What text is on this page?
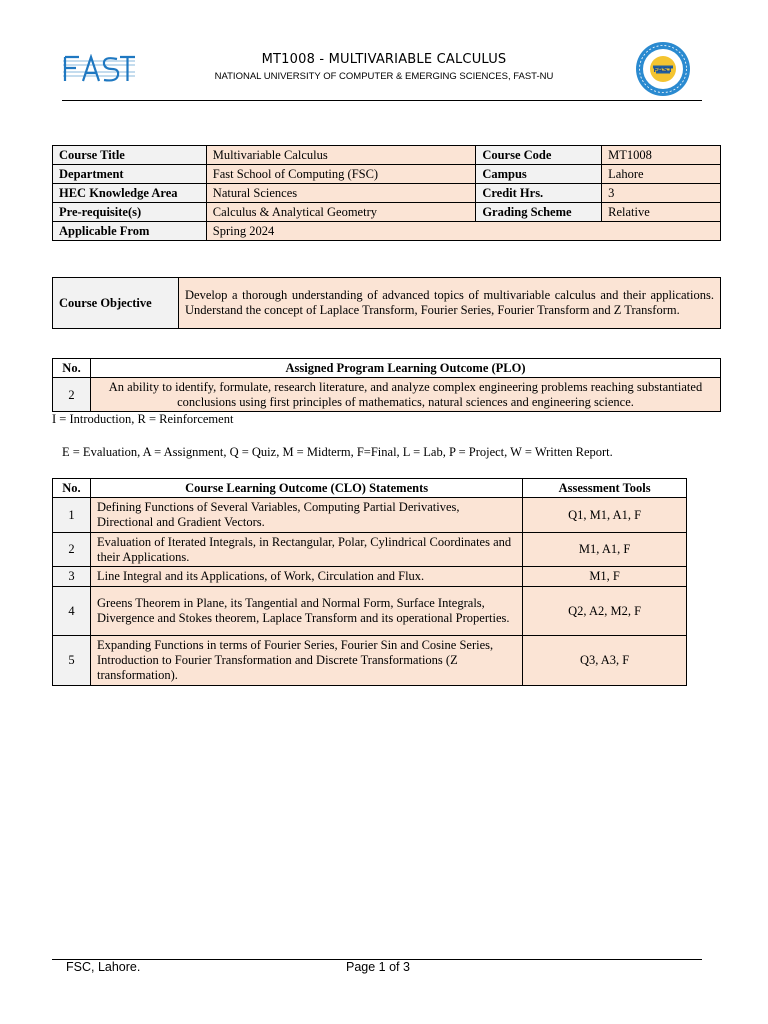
MT1008 - MULTIVARIABLE CALCULUS
NATIONAL UNIVERSITY OF COMPUTER & EMERGING SCIENCES, FAST-NU
FAST
Course Title	Multivariable Calculus	Course Code	MT1008
Department	Fast School of Computing (FSC)	Campus	Lahore
HEC Knowledge Area	Natural Sciences	Credit Hrs.	3
Pre-requisite(s)	Calculus & Analytical Geometry	Grading Scheme	Relative
Applicable From	Spring 2024		
Course Objective	Develop a thorough understanding of advanced topics of multivariable calculus and their applications. Understand the concept of Laplace Transform, Fourier Series, Fourier Transform and Z Transform.
No.	Assigned Program Learning Outcome (PLO)
2	An ability to identify, formulate, research literature, and analyze complex engineering problems reaching substantiated conclusions using first principles of mathematics, natural sciences and engineering science.
I = Introduction, R = Reinforcement
E = Evaluation, A = Assignment, Q = Quiz, M = Midterm, F=Final, L = Lab, P = Project, W = Written Report.
No.	Course Learning Outcome (CLO) Statements	Assessment Tools
1	Defining Functions of Several Variables, Computing Partial Derivatives, Directional and Gradient Vectors.	Q1, M1, A1, F
2	Evaluation of Iterated Integrals, in Rectangular, Polar, Cylindrical Coordinates and their Applications.	M1, A1, F
3	Line Integral and its Applications, of Work, Circulation and Flux.	M1, F
4	Greens Theorem in Plane, its Tangential and Normal Form, Surface Integrals, Divergence and Stokes theorem, Laplace Transform and its operational Properties.	Q2, A2, M2, F
5	Expanding Functions in terms of Fourier Series, Fourier Sin and Cosine Series, Introduction to Fourier Transformation and Discrete Transformations (Z transformation).	Q3, A3, F
FSC, Lahore.	Page 1 of 3
